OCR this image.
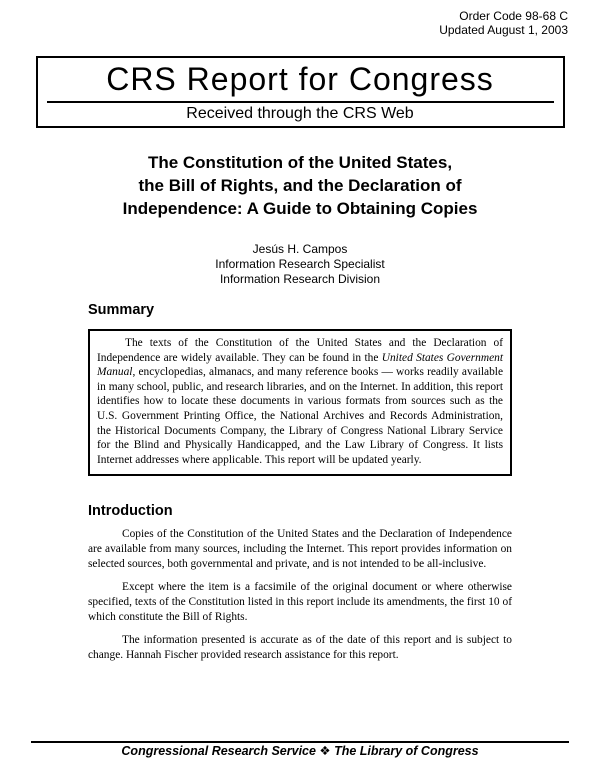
Order Code 98-68 C
Updated August 1, 2003
CRS Report for Congress
Received through the CRS Web
The Constitution of the United States,
the Bill of Rights, and the Declaration of
Independence: A Guide to Obtaining Copies
Jesús H. Campos
Information Research Specialist
Information Research Division
Summary

The texts of the Constitution of the United States and the Declaration of Independence are widely available. They can be found in the United States Government Manual, encyclopedias, almanacs, and many reference books — works readily available in many school, public, and research libraries, and on the Internet. In addition, this report identifies how to locate these documents in various formats from sources such as the U.S. Government Printing Office, the National Archives and Records Administration, the Historical Documents Company, the Library of Congress National Library Service for the Blind and Physically Handicapped, and the Law Library of Congress. It lists Internet addresses where applicable. This report will be updated yearly.

Introduction

Copies of the Constitution of the United States and the Declaration of Independence are available from many sources, including the Internet. This report provides information on selected sources, both governmental and private, and is not intended to be all-inclusive.

Except where the item is a facsimile of the original document or where otherwise specified, texts of the Constitution listed in this report include its amendments, the first 10 of which constitute the Bill of Rights.

The information presented is accurate as of the date of this report and is subject to change. Hannah Fischer provided research assistance for this report.

Congressional Research Service ❖ The Library of Congress
